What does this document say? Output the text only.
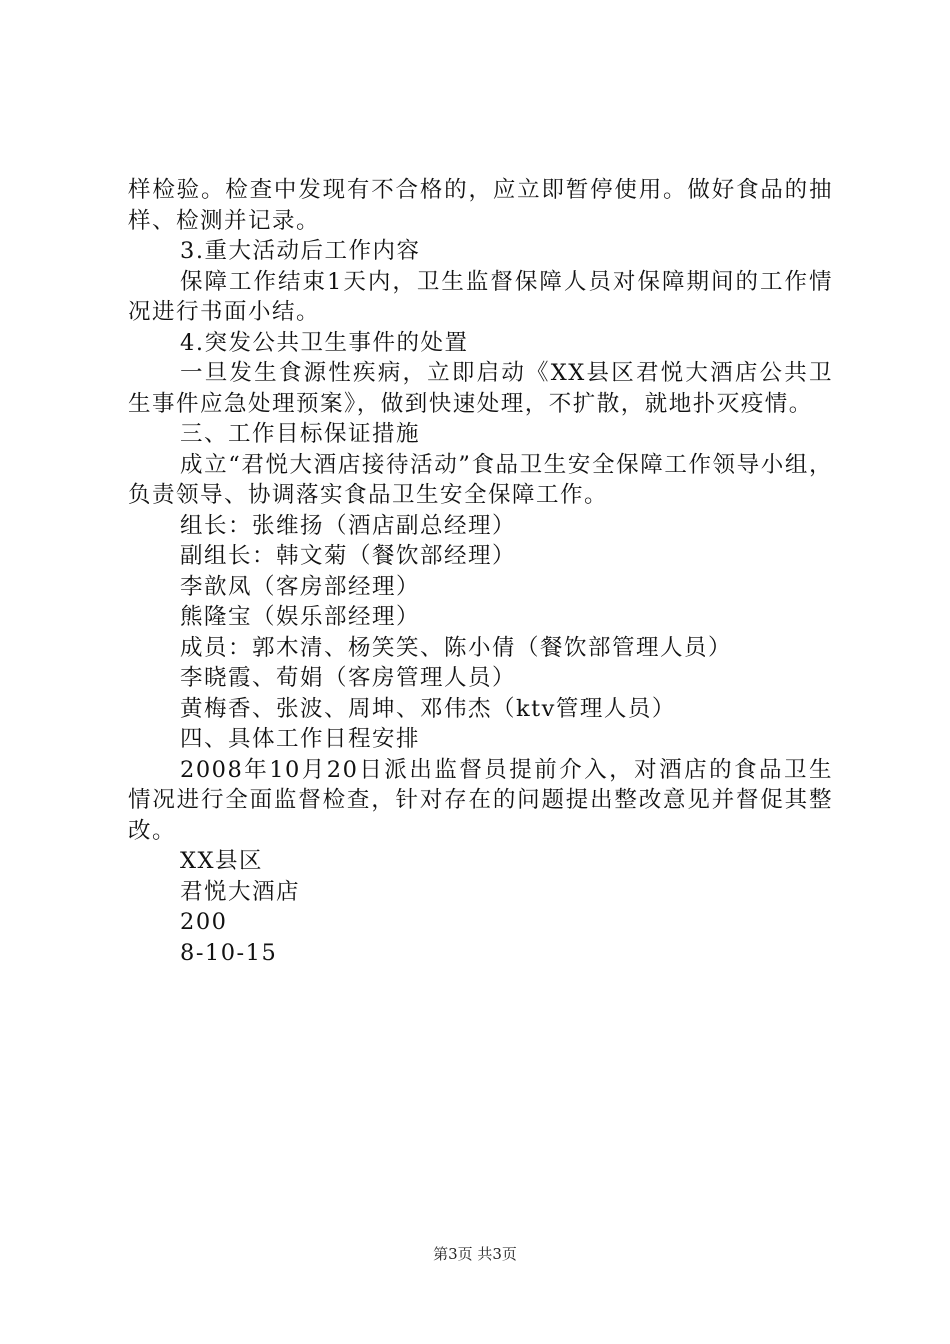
样检验。检查中发现有不合格的，应立即暂停使用。做好食品的抽样、检测并记录。

3.重大活动后工作内容

保障工作结束1天内，卫生监督保障人员对保障期间的工作情况进行书面小结。

4.突发公共卫生事件的处置

一旦发生食源性疾病，立即启动《XX县区君悦大酒店公共卫生事件应急处理预案》，做到快速处理，不扩散，就地扑灭疫情。

三、工作目标保证措施

成立“君悦大酒店接待活动”食品卫生安全保障工作领导小组，负责领导、协调落实食品卫生安全保障工作。

组长：张维扬（酒店副总经理）

副组长：韩文菊（餐饮部经理）

李歆凤（客房部经理）

熊隆宝（娱乐部经理）

成员：郭木清、杨笑笑、陈小倩（餐饮部管理人员）

李晓霞、荀娟（客房管理人员）

黄梅香、张波、周坤、邓伟杰（ktv管理人员）

四、具体工作日程安排

2008年10月20日派出监督员提前介入，对酒店的食品卫生情况进行全面监督检查，针对存在的问题提出整改意见并督促其整改。

XX县区

君悦大酒店

200

8-10-15

第3页 共3页
